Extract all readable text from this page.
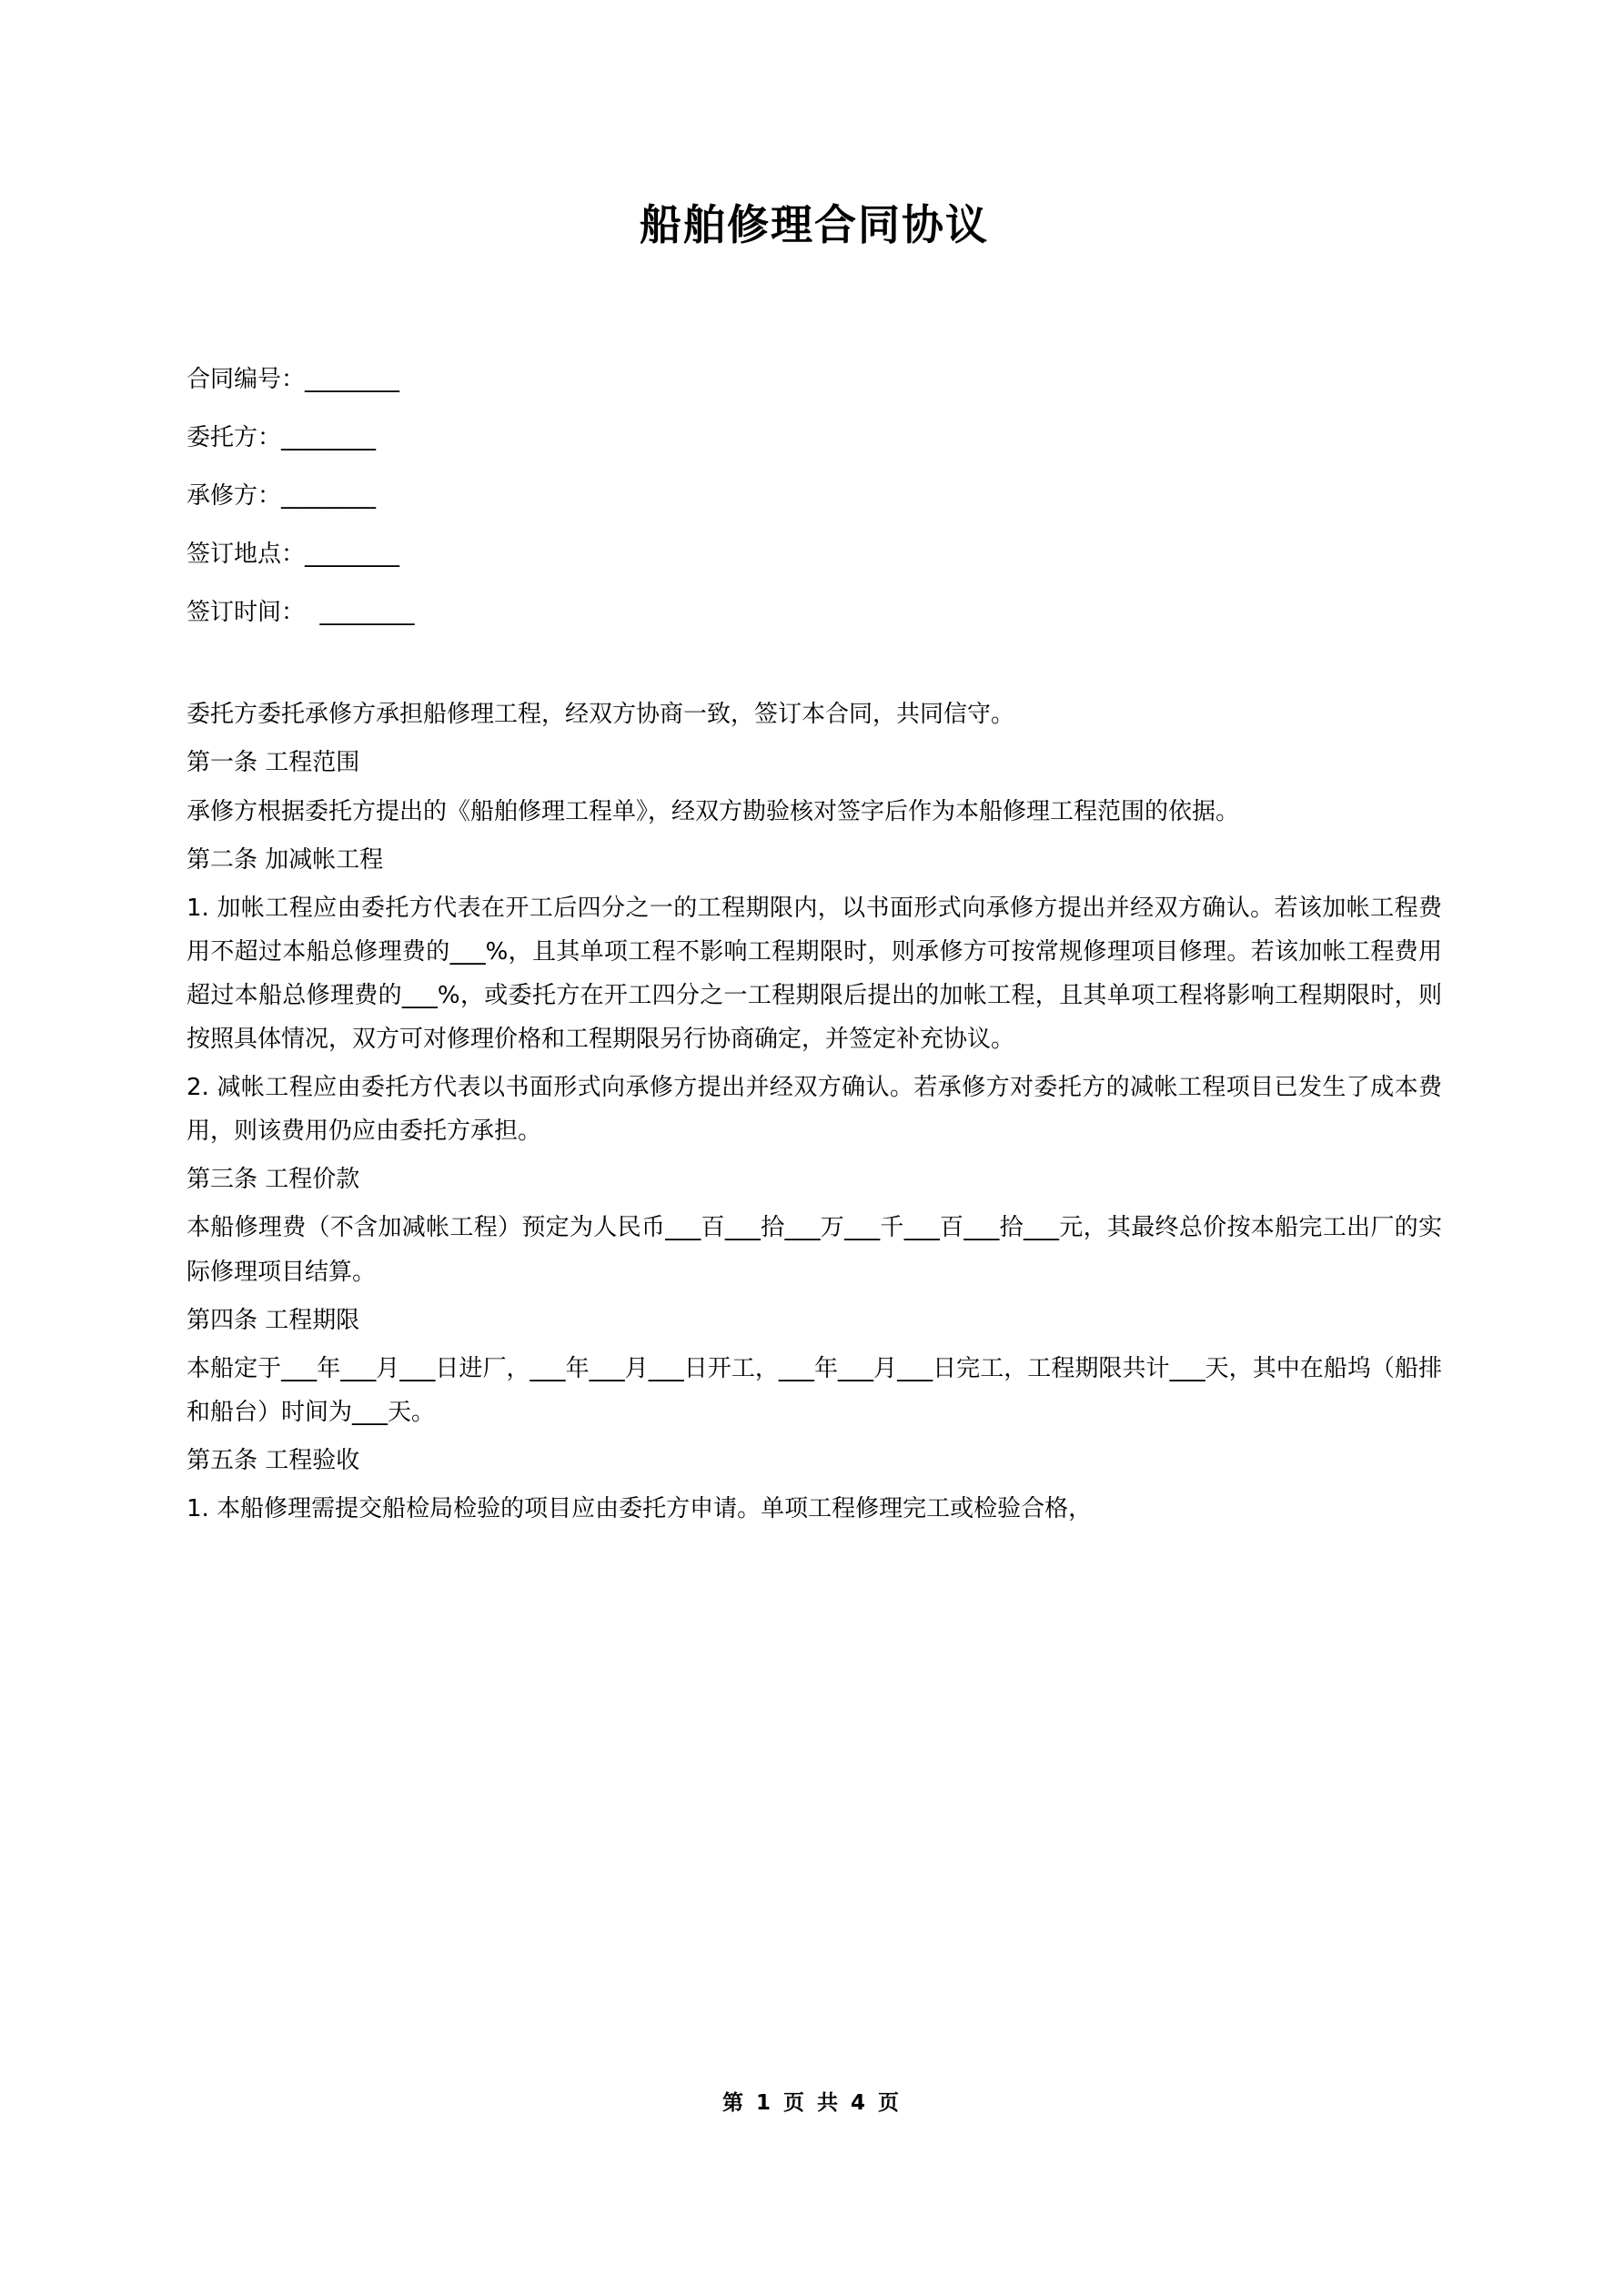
船舶修理合同协议
合同编号：________
委托方：________
承修方：________
签订地点：________
签订时间：  ________

委托方委托承修方承担船修理工程，经双方协商一致，签订本合同，共同信守。

第一条 工程范围

承修方根据委托方提出的《船舶修理工程单》，经双方勘验核对签字后作为本船修理工程范围的依据。

第二条 加减帐工程

1. 加帐工程应由委托方代表在开工后四分之一的工程期限内，以书面形式向承修方提出并经双方确认。若该加帐工程费用不超过本船总修理费的___%，且其单项工程不影响工程期限时，则承修方可按常规修理项目修理。若该加帐工程费用超过本船总修理费的___%，或委托方在开工四分之一工程期限后提出的加帐工程，且其单项工程将影响工程期限时，则按照具体情况，双方可对修理价格和工程期限另行协商确定，并签定补充协议。

2. 减帐工程应由委托方代表以书面形式向承修方提出并经双方确认。若承修方对委托方的减帐工程项目已发生了成本费用，则该费用仍应由委托方承担。

第三条 工程价款

本船修理费（不含加减帐工程）预定为人民币___百___拾___万___千___百___拾___元，其最终总价按本船完工出厂的实际修理项目结算。

第四条 工程期限

本船定于___年___月___日进厂，___年___月___日开工，___年___月___日完工，工程期限共计___天，其中在船坞（船排和船台）时间为___天。

第五条 工程验收

1. 本船修理需提交船检局检验的项目应由委托方申请。单项工程修理完工或检验合格，

第 1 页 共 4 页
